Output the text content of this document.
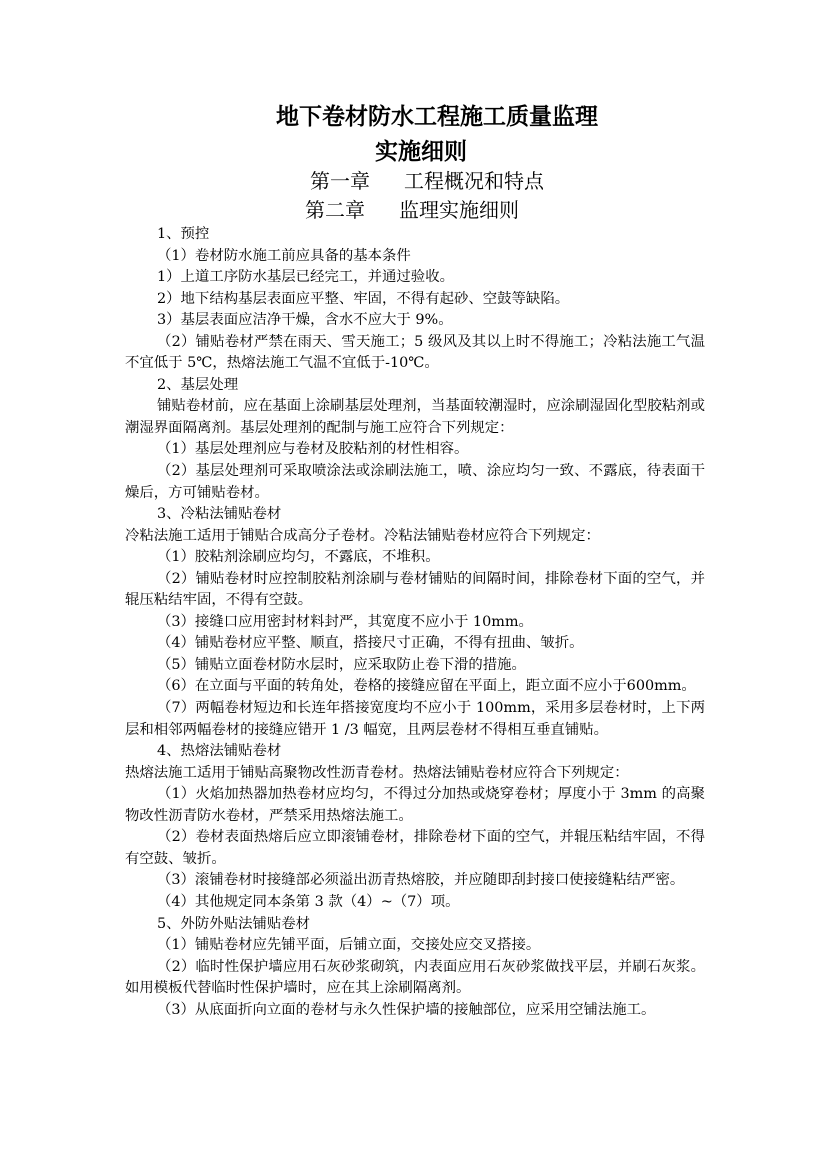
地下卷材防水工程施工质量监理
实施细则
第一章 工程概况和特点
第二章 监理实施细则

1、预控

（1）卷材防水施工前应具备的基本条件

1）上道工序防水基层已经完工，并通过验收。

2）地下结构基层表面应平整、牢固，不得有起砂、空鼓等缺陷。

3）基层表面应洁净干燥，含水不应大于 9%。

（2）铺贴卷材严禁在雨天、雪天施工；5 级风及其以上时不得施工；冷粘法施工气温不宜低于 5℃，热熔法施工气温不宜低于-10℃。

2、基层处理

铺贴卷材前，应在基面上涂刷基层处理剂，当基面较潮湿时，应涂刷湿固化型胶粘剂或潮湿界面隔离剂。基层处理剂的配制与施工应符合下列规定：

（1）基层处理剂应与卷材及胶粘剂的材性相容。

（2）基层处理剂可采取喷涂法或涂刷法施工，喷、涂应均匀一致、不露底，待表面干燥后，方可铺贴卷材。

3、冷粘法铺贴卷材

冷粘法施工适用于铺贴合成高分子卷材。冷粘法铺贴卷材应符合下列规定：

（1）胶粘剂涂刷应均匀，不露底，不堆积。

（2）铺贴卷材时应控制胶粘剂涂刷与卷材铺贴的间隔时间，排除卷材下面的空气，并辊压粘结牢固，不得有空鼓。

（3）接缝口应用密封材料封严，其宽度不应小于 10mm。

（4）铺贴卷材应平整、顺直，搭接尺寸正确，不得有扭曲、皱折。

（5）铺贴立面卷材防水层时，应采取防止卷下滑的措施。

（6）在立面与平面的转角处，卷格的接缝应留在平面上，距立面不应小于600mm。

（7）两幅卷材短边和长连年搭接宽度均不应小于 100mm，采用多层卷材时，上下两层和相邻两幅卷材的接缝应错开 1 /3 幅宽，且两层卷材不得相互垂直铺贴。

4、热熔法铺贴卷材

热熔法施工适用于铺贴高聚物改性沥青卷材。热熔法铺贴卷材应符合下列规定：

（1）火焰加热器加热卷材应均匀，不得过分加热或烧穿卷材；厚度小于 3mm 的高聚物改性沥青防水卷材，严禁采用热熔法施工。

（2）卷材表面热熔后应立即滚铺卷材，排除卷材下面的空气，并辊压粘结牢固，不得有空鼓、皱折。

（3）滚铺卷材时接缝部必须溢出沥青热熔胶，并应随即刮封接口使接缝粘结严密。

（4）其他规定同本条第 3 款（4）~（7）项。

5、外防外贴法铺贴卷材

（1）铺贴卷材应先铺平面，后铺立面，交接处应交叉搭接。

（2）临时性保护墙应用石灰砂浆砌筑，内表面应用石灰砂浆做找平层，并刷石灰浆。如用模板代替临时性保护墙时，应在其上涂刷隔离剂。

（3）从底面折向立面的卷材与永久性保护墙的接触部位，应采用空铺法施工。
